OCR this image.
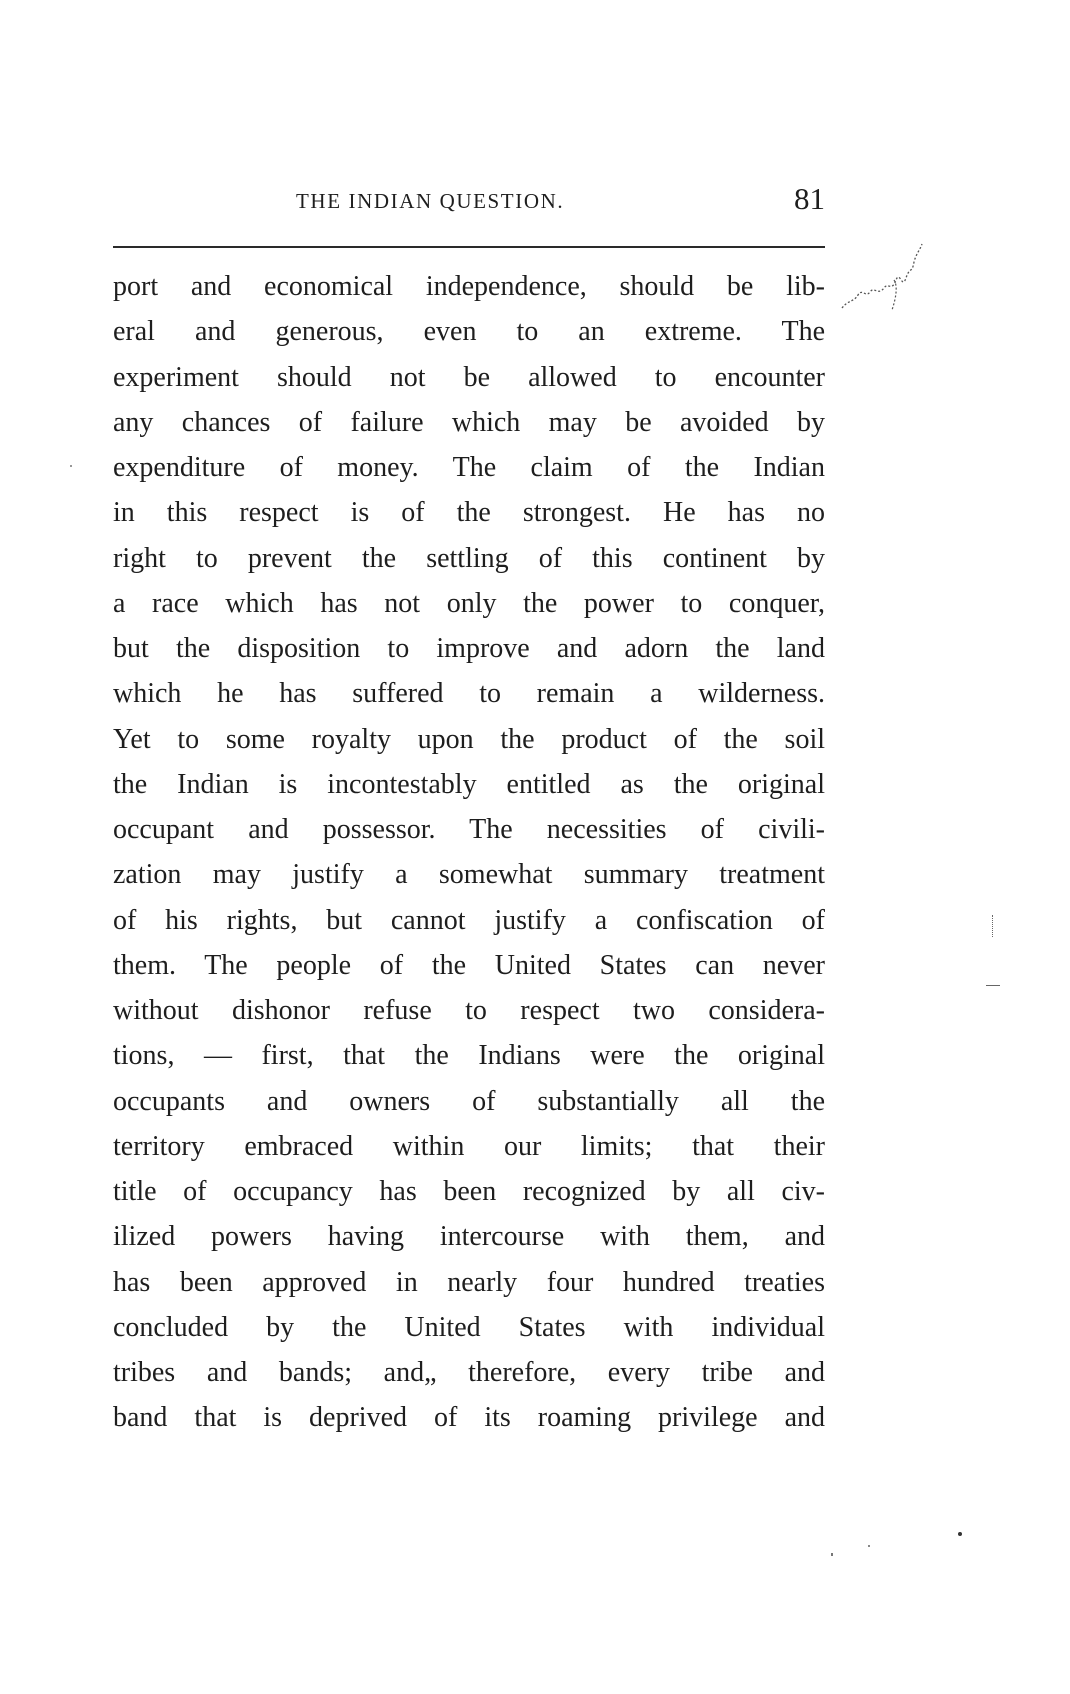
THE INDIAN QUESTION.	81
port and economical independence, should be lib-
eral and generous, even to an extreme. The
experiment should not be allowed to encounter
any chances of failure which may be avoided by
expenditure of money. The claim of the Indian
in this respect is of the strongest. He has no
right to prevent the settling of this continent by
a race which has not only the power to conquer,
but the disposition to improve and adorn the land
which he has suffered to remain a wilderness.
Yet to some royalty upon the product of the soil
the Indian is incontestably entitled as the original
occupant and possessor. The necessities of civili-
zation may justify a somewhat summary treatment
of his rights, but cannot justify a confiscation of
them. The people of the United States can never
without dishonor refuse to respect two considera-
tions, — first, that the Indians were the original
occupants and owners of substantially all the
territory embraced within our limits; that their
title of occupancy has been recognized by all civ-
ilized powers having intercourse with them, and
has been approved in nearly four hundred treaties
concluded by the United States with individual
tribes and bands; and„ therefore, every tribe and
band that is deprived of its roaming privilege and
